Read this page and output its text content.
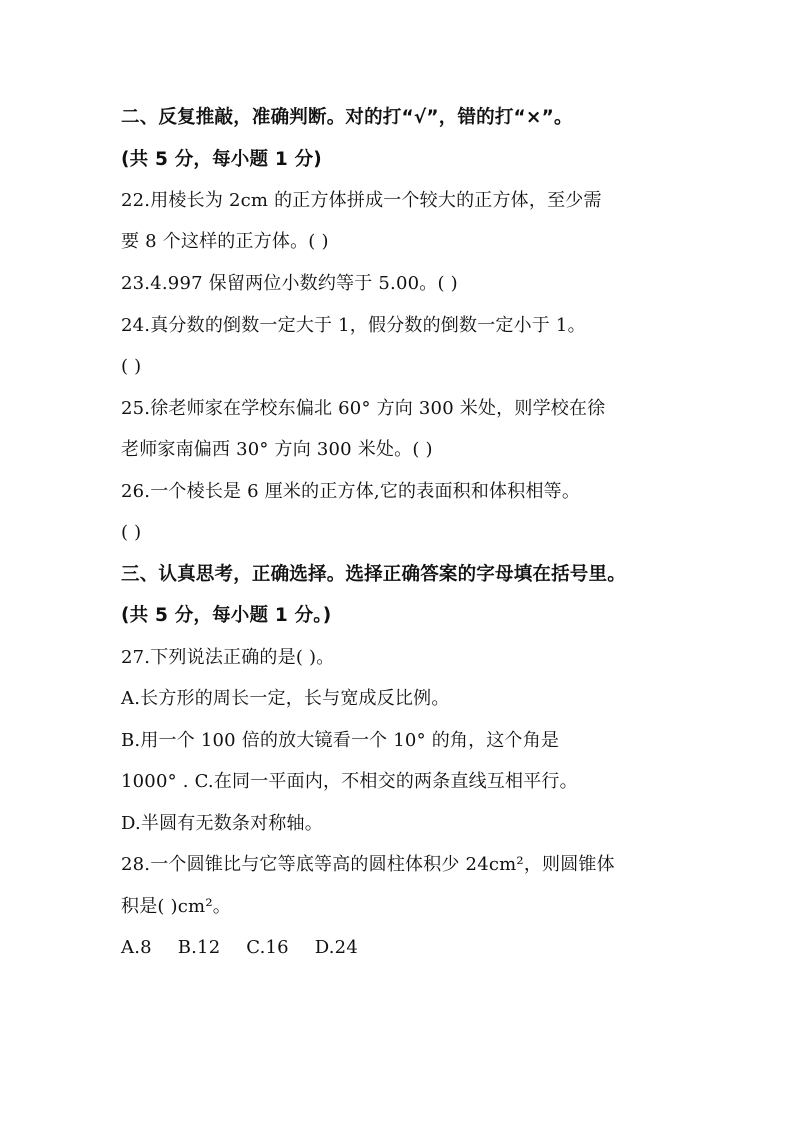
二、反复推敲，准确判断。对的打“√”，错的打“×”。
(共 5 分，每小题 1 分)
22.用棱长为 2cm 的正方体拼成一个较大的正方体，至少需
要 8 个这样的正方体。( )
23.4.997 保留两位小数约等于 5.00。( )
24.真分数的倒数一定大于 1，假分数的倒数一定小于 1。
( )
25.徐老师家在学校东偏北 60° 方向 300 米处，则学校在徐
老师家南偏西 30° 方向 300 米处。( )
26.一个棱长是 6 厘米的正方体,它的表面积和体积相等。
( )
三、认真思考，正确选择。选择正确答案的字母填在括号里。
(共 5 分，每小题 1 分。)
27.下列说法正确的是( )。
A.长方形的周长一定，长与宽成反比例。
B.用一个 100 倍的放大镜看一个 10° 的角，这个角是
1000° . C.在同一平面内，不相交的两条直线互相平行。
D.半圆有无数条对称轴。
28.一个圆锥比与它等底等高的圆柱体积少 24cm²，则圆锥体
积是( )cm²。
A.8 B.12 C.16 D.24
